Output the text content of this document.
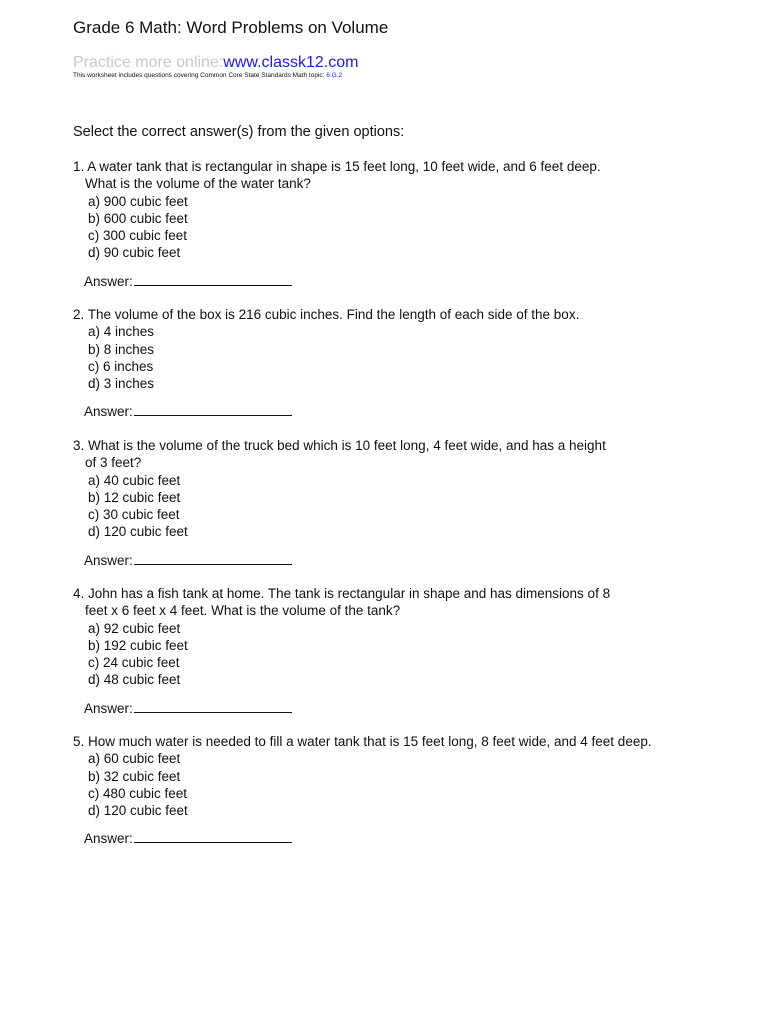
Grade 6 Math: Word Problems on Volume
Practice more online:www.classk12.com
This worksheet includes questions covering Common Core State Standards Math topic: 6.G.2
Select the correct answer(s) from the given options:
1. A water tank that is rectangular in shape is 15 feet long, 10 feet wide, and 6 feet deep.
What is the volume of the water tank?
a) 900 cubic feet
b) 600 cubic feet
c) 300 cubic feet
d) 90 cubic feet
Answer:
2. The volume of the box is 216 cubic inches. Find the length of each side of the box.
a) 4 inches
b) 8 inches
c) 6 inches
d) 3 inches
Answer:
3. What is the volume of the truck bed which is 10 feet long, 4 feet wide, and has a height
of 3 feet?
a) 40 cubic feet
b) 12 cubic feet
c) 30 cubic feet
d) 120 cubic feet
Answer:
4. John has a fish tank at home. The tank is rectangular in shape and has dimensions of 8
feet x 6 feet x 4 feet. What is the volume of the tank?
a) 92 cubic feet
b) 192 cubic feet
c) 24 cubic feet
d) 48 cubic feet
Answer:
5. How much water is needed to fill a water tank that is 15 feet long, 8 feet wide, and 4 feet deep.
a) 60 cubic feet
b) 32 cubic feet
c) 480 cubic feet
d) 120 cubic feet
Answer:
